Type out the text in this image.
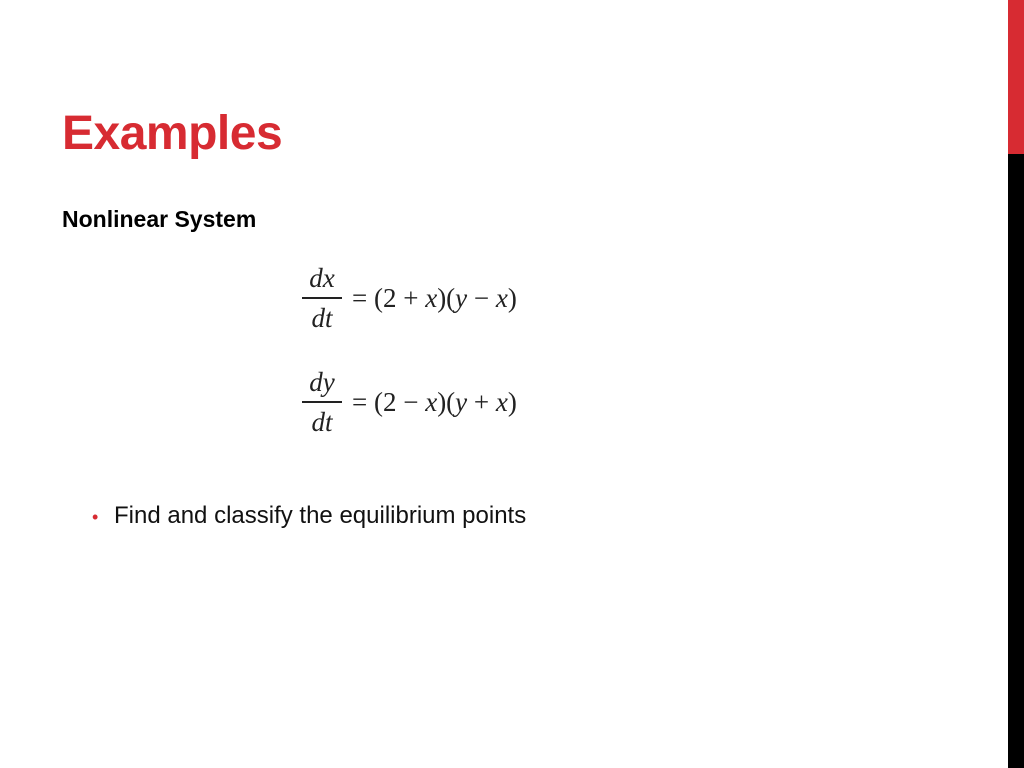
Examples
Nonlinear System
$\frac{dx}{dt} = (2 + x)(y - x)$
$\frac{dy}{dt} = (2 - x)(y + x)$
• Find and classify the equilibrium points
